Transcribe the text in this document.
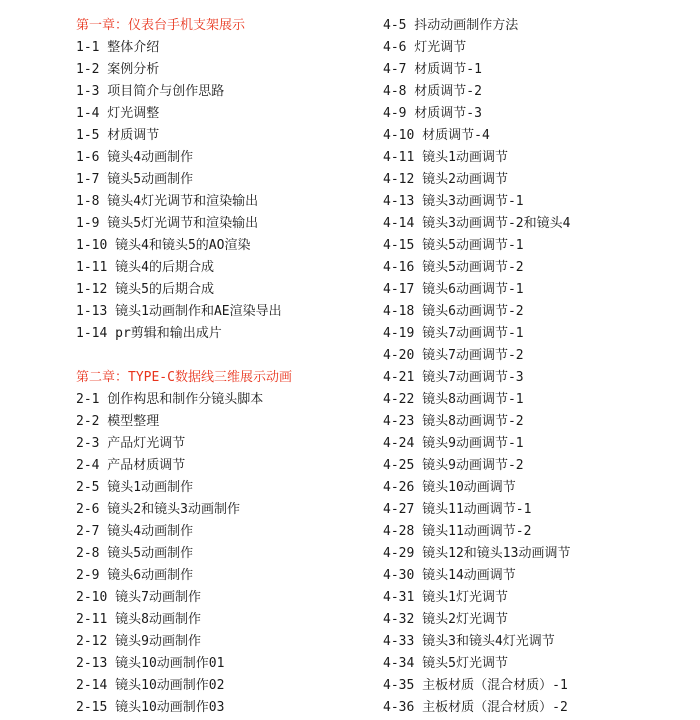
第一章：仪表台手机支架展示
1-1 整体介绍
1-2 案例分析
1-3 项目简介与创作思路
1-4 灯光调整
1-5 材质调节
1-6 镜头4动画制作
1-7 镜头5动画制作
1-8 镜头4灯光调节和渲染输出
1-9 镜头5灯光调节和渲染输出
1-10 镜头4和镜头5的AO渲染
1-11 镜头4的后期合成
1-12 镜头5的后期合成
1-13 镜头1动画制作和AE渲染导出
1-14 pr剪辑和输出成片
第二章：TYPE-C数据线三维展示动画
2-1 创作构思和制作分镜头脚本
2-2 模型整理
2-3 产品灯光调节
2-4 产品材质调节
2-5 镜头1动画制作
2-6 镜头2和镜头3动画制作
2-7 镜头4动画制作
2-8 镜头5动画制作
2-9 镜头6动画制作
2-10 镜头7动画制作
2-11 镜头8动画制作
2-12 镜头9动画制作
2-13 镜头10动画制作01
2-14 镜头10动画制作02
2-15 镜头10动画制作03
4-5 抖动动画制作方法
4-6 灯光调节
4-7 材质调节-1
4-8 材质调节-2
4-9 材质调节-3
4-10 材质调节-4
4-11 镜头1动画调节
4-12 镜头2动画调节
4-13 镜头3动画调节-1
4-14 镜头3动画调节-2和镜头4
4-15 镜头5动画调节-1
4-16 镜头5动画调节-2
4-17 镜头6动画调节-1
4-18 镜头6动画调节-2
4-19 镜头7动画调节-1
4-20 镜头7动画调节-2
4-21 镜头7动画调节-3
4-22 镜头8动画调节-1
4-23 镜头8动画调节-2
4-24 镜头9动画调节-1
4-25 镜头9动画调节-2
4-26 镜头10动画调节
4-27 镜头11动画调节-1
4-28 镜头11动画调节-2
4-29 镜头12和镜头13动画调节
4-30 镜头14动画调节
4-31 镜头1灯光调节
4-32 镜头2灯光调节
4-33 镜头3和镜头4灯光调节
4-34 镜头5灯光调节
4-35 主板材质（混合材质）-1
4-36 主板材质（混合材质）-2
